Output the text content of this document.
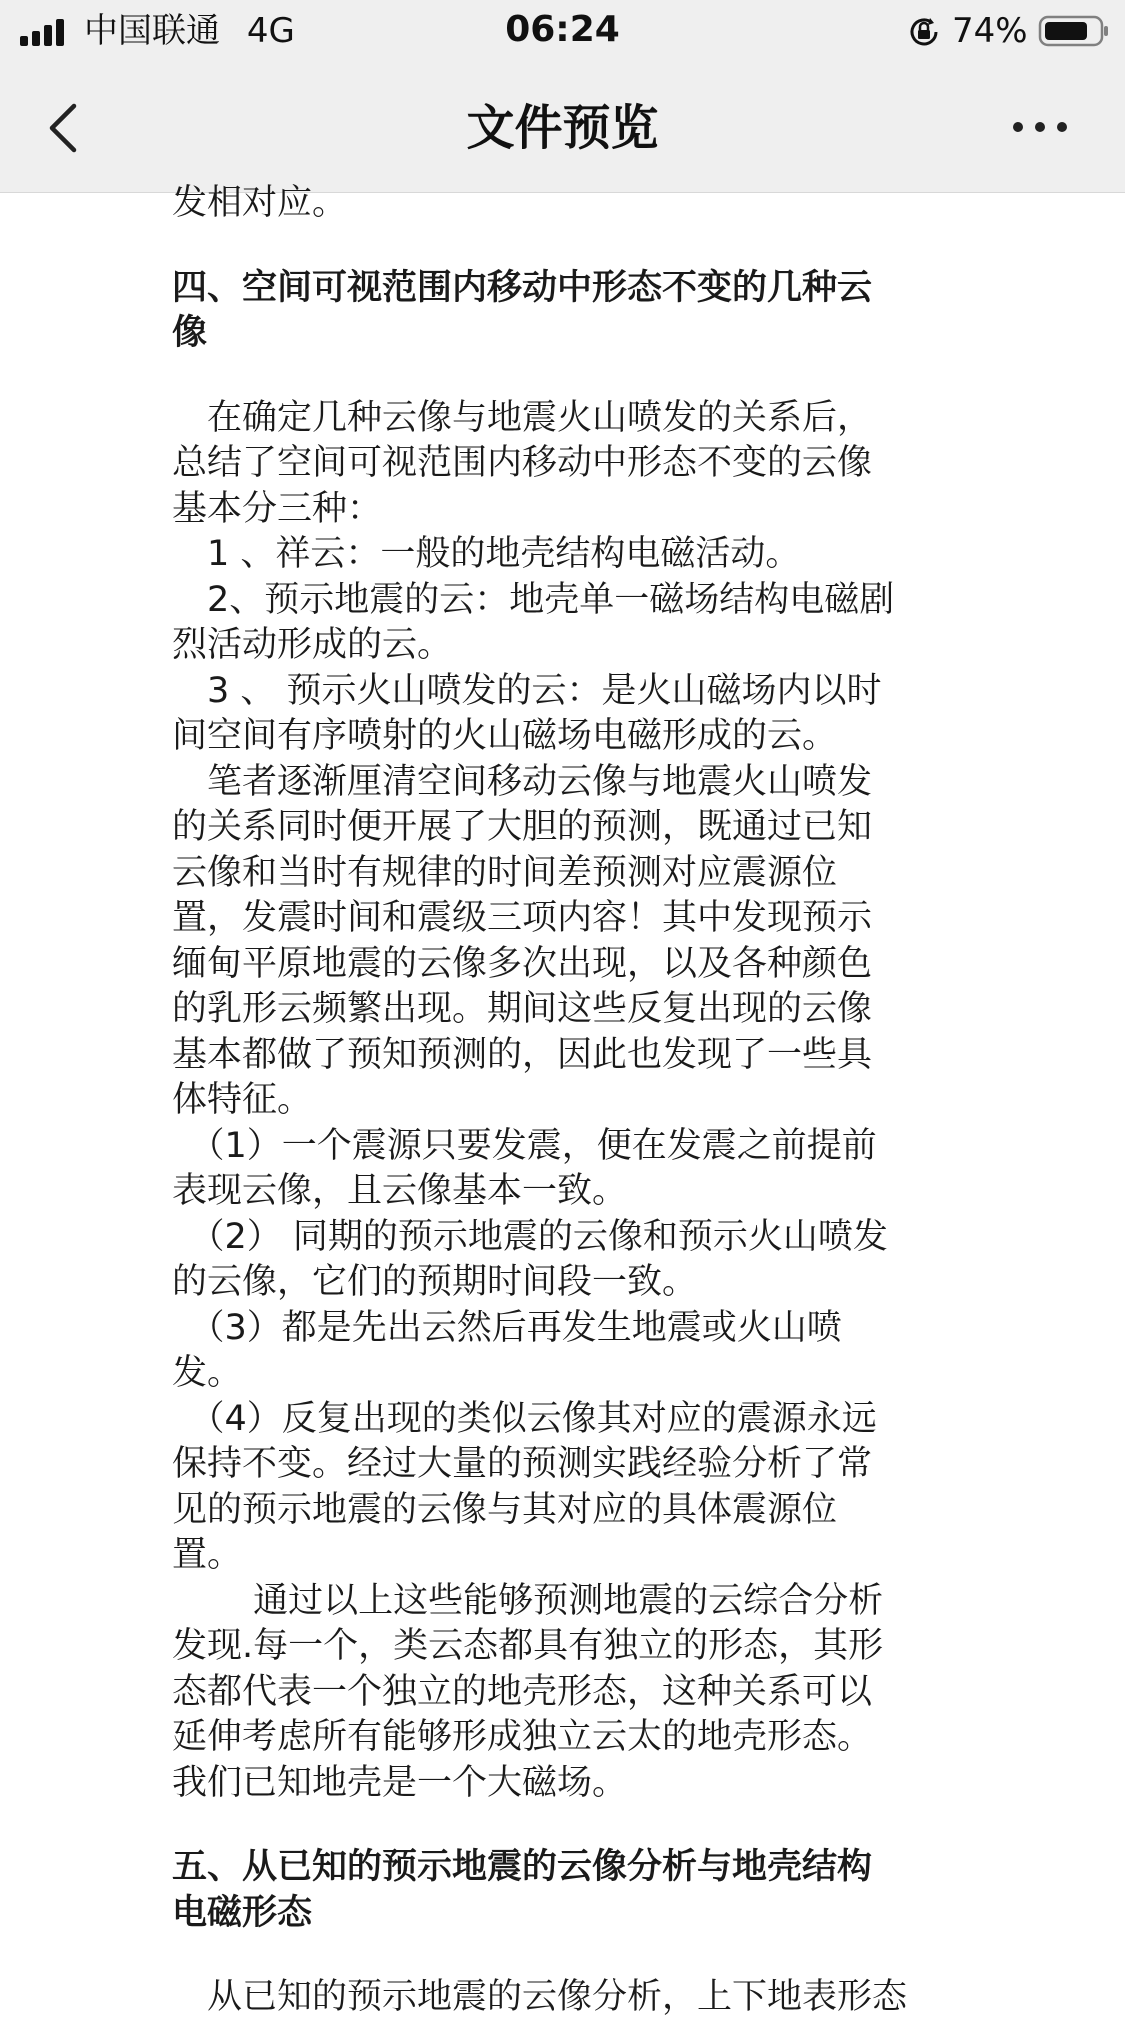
中国联通 4G	06:24	74%
文件预览

发相对应。

四、空间可视范围内移动中形态不变的几种云

像

　在确定几种云像与地震火山喷发的关系后，

总结了空间可视范围内移动中形态不变的云像

基本分三种：

　1 、祥云：一般的地壳结构电磁活动。

　2、预示地震的云：地壳单一磁场结构电磁剧

烈活动形成的云。

　3 、 预示火山喷发的云：是火山磁场内以时

间空间有序喷射的火山磁场电磁形成的云。

　笔者逐渐厘清空间移动云像与地震火山喷发

的关系同时便开展了大胆的预测，既通过已知

云像和当时有规律的时间差预测对应震源位

置，发震时间和震级三项内容！其中发现预示

缅甸平原地震的云像多次出现，以及各种颜色

的乳形云频繁出现。期间这些反复出现的云像

基本都做了预知预测的，因此也发现了一些具

体特征。

　（1）一个震源只要发震，便在发震之前提前

表现云像，且云像基本一致。

　（2） 同期的预示地震的云像和预示火山喷发

的云像，它们的预期时间段一致。

　（3）都是先出云然后再发生地震或火山喷

发。

　（4）反复出现的类似云像其对应的震源永远

保持不变。经过大量的预测实践经验分析了常

见的预示地震的云像与其对应的具体震源位

置。

　　 通过以上这些能够预测地震的云综合分析

发现.每一个，类云态都具有独立的形态，其形

态都代表一个独立的地壳形态，这种关系可以

延伸考虑所有能够形成独立云太的地壳形态。

我们已知地壳是一个大磁场。

五、从已知的预示地震的云像分析与地壳结构

电磁形态

　从已知的预示地震的云像分析，上下地表形态
